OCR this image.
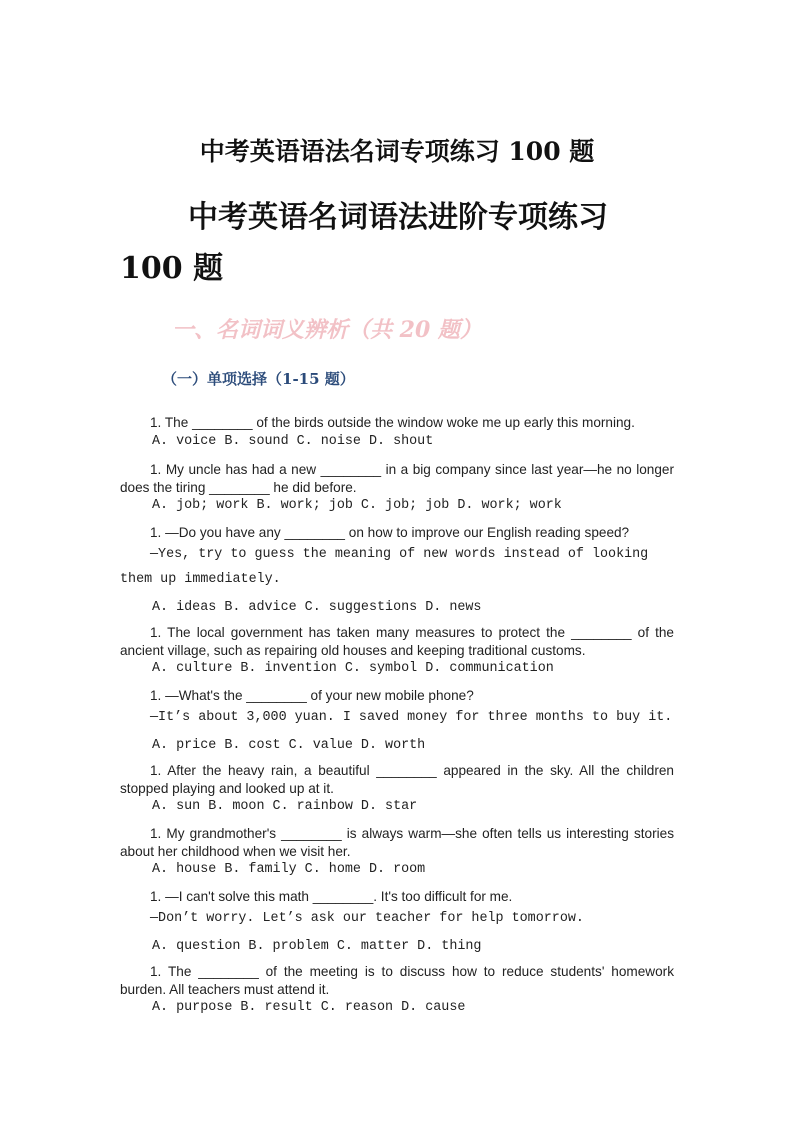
中考英语语法名词专项练习 100 题
中考英语名词语法进阶专项练习 100 题
一、名词词义辨析（共 20 题）
（一）单项选择（1-15 题）

1. The ________ of the birds outside the window woke me up early this morning.

A. voice B. sound C. noise D. shout

1. My uncle has had a new ________ in a big company since last year—he no longer does the tiring ________ he did before.

A. job; work B. work; job C. job; job D. work; work

1. —Do you have any ________ on how to improve our English reading speed?

—Yes, try to guess the meaning of new words instead of looking them up immediately.

A. ideas B. advice C. suggestions D. news

1. The local government has taken many measures to protect the ________ of the ancient village, such as repairing old houses and keeping traditional customs.

A. culture B. invention C. symbol D. communication

1. —What's the ________ of your new mobile phone?

—It’s about 3,000 yuan. I saved money for three months to buy it.

A. price B. cost C. value D. worth

1. After the heavy rain, a beautiful ________ appeared in the sky. All the children stopped playing and looked up at it.

A. sun B. moon C. rainbow D. star

1. My grandmother's ________ is always warm—she often tells us interesting stories about her childhood when we visit her.

A. house B. family C. home D. room

1. —I can't solve this math ________. It's too difficult for me.

—Don’t worry. Let’s ask our teacher for help tomorrow.

A. question B. problem C. matter D. thing

1. The ________ of the meeting is to discuss how to reduce students' homework burden. All teachers must attend it.

A. purpose B. result C. reason D. cause
